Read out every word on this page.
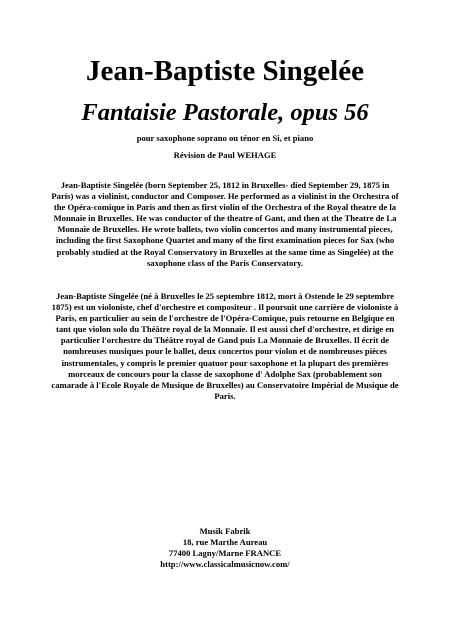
Jean-Baptiste Singelée
Fantaisie Pastorale, opus 56
pour saxophone soprano ou ténor en Si, et piano
Révision de Paul WEHAGE

Jean-Baptiste Singelée (born September 25, 1812 in Bruxelles- died September 29, 1875 in Paris) was a violinist, conductor and Composer. He performed as a violinist in the Orchestra of the Opéra-comique in Paris and then as first violin of the Orchestra of the Royal theatre de la Monnaie in Bruxelles. He was conductor of the theatre of Gant, and then at the Theatre de La Monnaie de Bruxelles. He wrote ballets, two violin concertos and many instrumental pieces, including the first Saxophone Quartet and many of the first examination pieces for Sax (who probably studied at the Royal Conservatory in Bruxelles at the same time as Singelée) at the saxophone class of the Paris Conservatory.

Jean-Baptiste Singelée (né à Bruxelles le 25 septembre 1812, mort à Ostende le 29 septembre 1875) est un violoniste, chef d'orchestre et compositeur . Il poursuit une carrière de violoniste à Paris, en particulier au sein de l'orchestre de l'Opéra-Comique, puis retourne en Belgique en tant que violon solo du Théâtre royal de la Monnaie. Il est aussi chef d'orchestre, et dirige en particulier l'orchestre du Théâtre royal de Gand puis La Monnaie de Bruxelles. Il écrit de nombreuses musiques pour le ballet, deux concertos pour violon et de nombreuses pièces instrumentales, y compris le premier quatuor pour saxophone et la plupart des premières morceaux de concours pour la classe de saxophone d' Adolphe Sax (probablement son camarade à l'Ecole Royale de Musique de Bruxelles) au Conservatoire Impérial de Musique de Paris.

Musik Fabrik
18, rue Marthe Aureau
77400 Lagny/Marne FRANCE
http://www.classicalmusicnow.com/
